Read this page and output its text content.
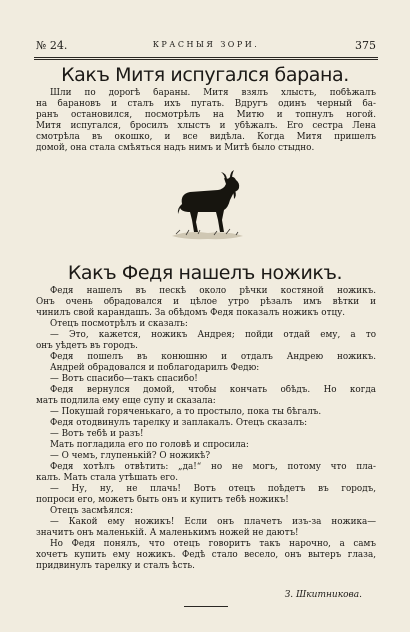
№ 24.	КРАСНЫЯ ЗОРИ.	375
Какъ Митя испугался барана.
Шли по дорогѣ бараны. Митя взялъ хлыстъ, побѣжалъ
на барановъ и сталъ ихъ пугать. Вдругъ одинъ черный ба-
ранъ остановился, посмотрѣлъ на Митю и топнулъ ногой.
Митя испугался, бросилъ хлыстъ и убѣжалъ. Его сестра Лена
смотрѣла въ окошко, и все видѣла. Когда Митя пришелъ
домой, она стала смѣяться надъ нимъ и Митѣ было стыдно.
Какъ Федя нашелъ ножикъ.
Федя нашелъ въ пескѣ около рѣчки костяной ножикъ.
Онъ очень обрадовался и цѣлое утро рѣзалъ имъ вѣтки и
чинилъ свой карандашъ. За обѣдомъ Федя показалъ ножикъ отцу.
Отецъ посмотрѣлъ и сказалъ:
— Это, кажется, ножикъ Андрея; пойди отдай ему, а то
онъ уѣдетъ въ городъ.
Федя пошелъ въ конюшню и отдалъ Андрею ножикъ.
Андрей обрадовался и поблагодарилъ Федю:
— Вотъ спасибо—такъ спасибо!
Федя вернулся домой, чтобы кончать обѣдъ. Но когда
мать подлила ему еще супу и сказала:
— Покушай горяченькаго, а то простыло, пока ты бѣгалъ.
Федя отодвинулъ тарелку и заплакалъ. Отецъ сказалъ:
— Вотъ тебѣ и разъ!
Мать погладила его по головѣ и спросила:
— О чемъ, глупенькій? О ножикѣ?
Федя хотѣлъ отвѣтить: „да!“ но не могъ, потому что пла-
калъ. Мать стала утѣшать его.
— Ну, ну, не плачь! Вотъ отецъ поѣдетъ въ городъ,
попроси его, можетъ быть онъ и купитъ тебѣ ножикъ!
Отецъ засмѣялся:
— Какой ему ножикъ! Если онъ плачетъ изъ-за ножика—
значитъ онъ маленькій. А маленькимъ ножей не даютъ!
Но Федя понялъ, что отецъ говоритъ такъ нарочно, а самъ
хочетъ купить ему ножикъ. Федѣ стало весело, онъ вытеръ глаза,
придвинулъ тарелку и сталъ ѣсть.
З. Шкитникова.
